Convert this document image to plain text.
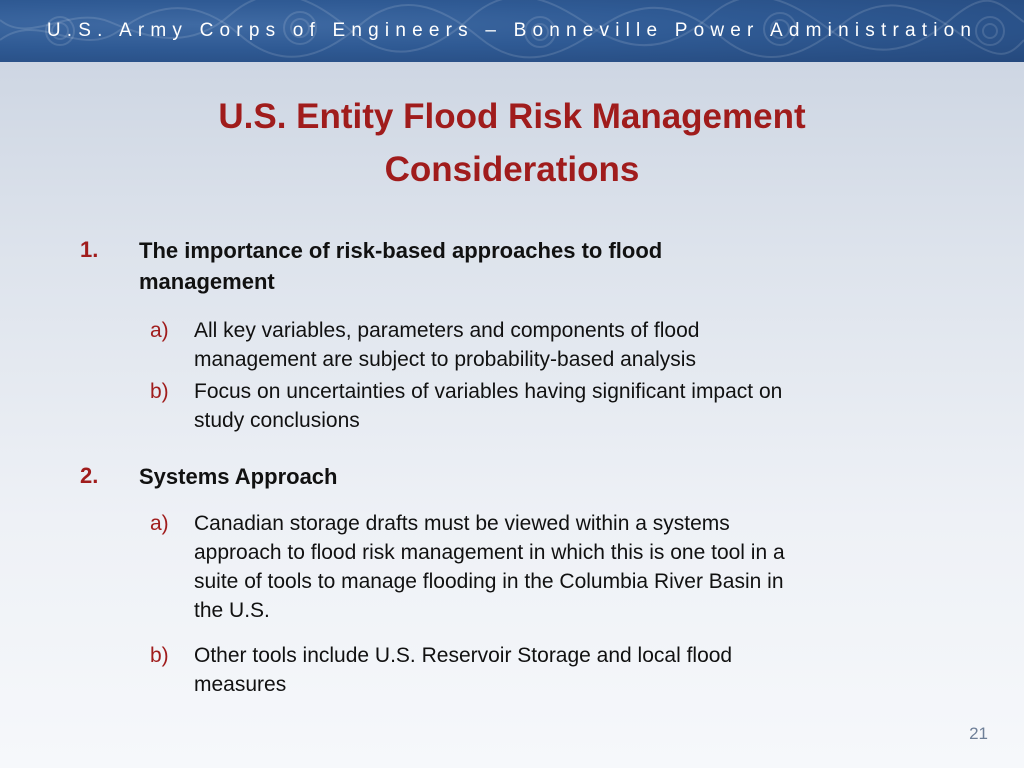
U.S. Army Corps of Engineers – Bonneville Power Administration
U.S. Entity Flood Risk Management
Considerations
1. The importance of risk-based approaches to flood
management
a) All key variables, parameters and components of flood
management are subject to probability-based analysis
b) Focus on uncertainties of variables having significant impact on
study conclusions
2. Systems Approach
a) Canadian storage drafts must be viewed within a systems
approach to flood risk management in which this is one tool in a
suite of tools to manage flooding in the Columbia River Basin in
the U.S.
b) Other tools include U.S. Reservoir Storage and local flood
measures
21
